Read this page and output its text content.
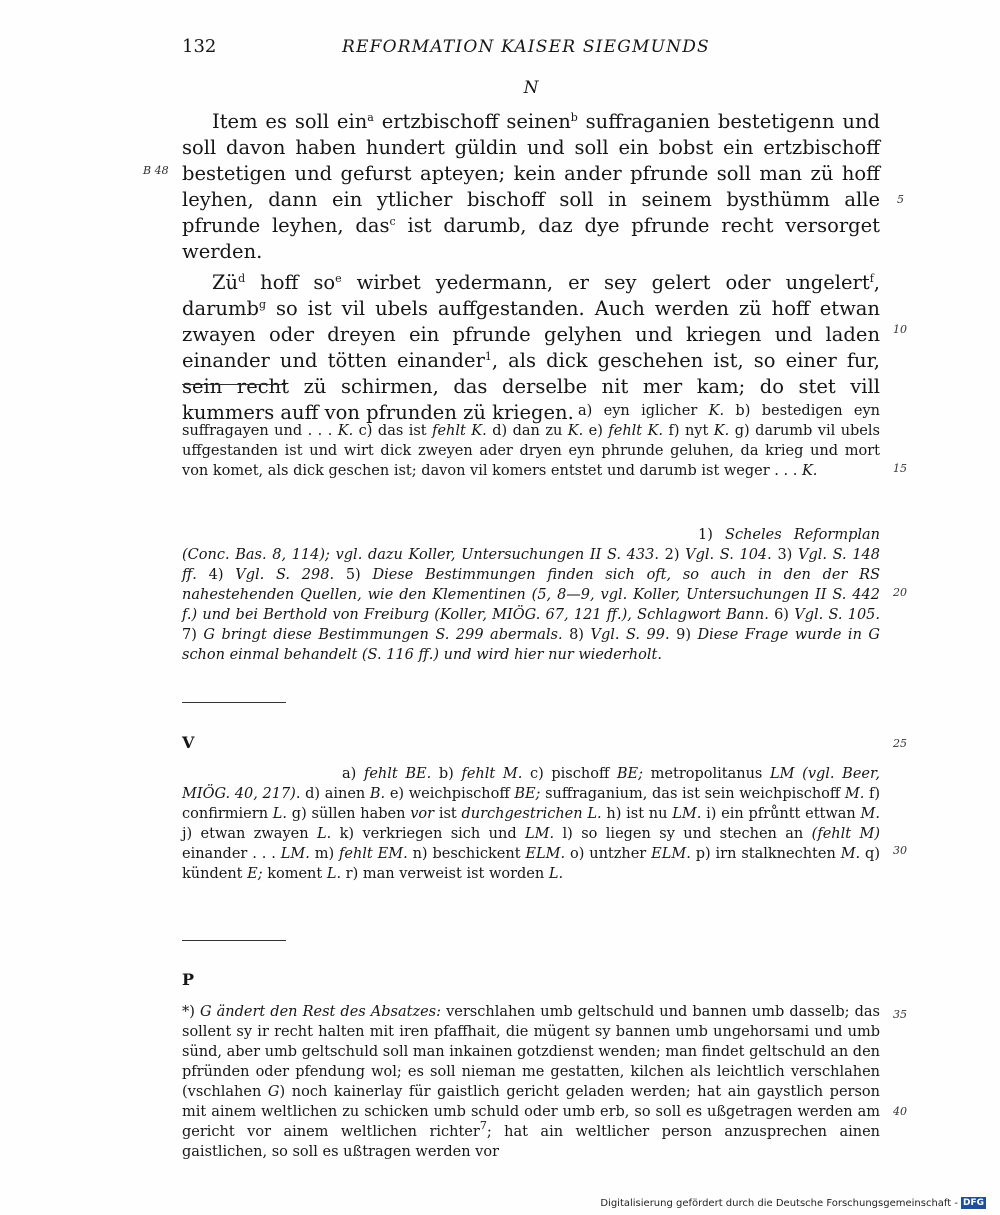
132	REFORMATION KAISER SIEGMUNDS
N
B 48

Item es soll ein$^a$ ertzbischoff seinen$^b$ suffraganien bestetigenn und soll davon haben hundert güldin und soll ein bobst ein ertzbischoff bestetigen und gefurst apteyen; kein ander pfrunde soll man zü hoff leyhen, dann ein ytlicher bischoff soll in seinem bysthümm alle pfrunde leyhen, das$^c$ ist darumb, daz dye pfrunde recht versorget werden.

$Zü^d$ hoff $so^e$ wirbet yedermann, er sey gelert oder ungelert$^f$, darumb$^g$ so ist vil ubels auffgestanden. Auch werden zü hoff etwan zwayen oder dreyen ein pfrunde gelyhen und kriegen und laden einander und tötten einander$^1$, als dick geschehen ist, so einer fur, sein recht zü schirmen, das derselbe nit mer kam; do stet vill kummers auff von pfrunden zü kriegen.

5
10
15
20
25
30
35
40

a) eyn iglicher K. b) bestedigen eyn suffragayen und . . . K. c) das ist fehlt K. d) dan zu K. e) fehlt K. f) nyt K. g) darumb vil ubels uffgestanden ist und wirt dick zweyen ader dryen eyn phrunde geluhen, da krieg und mort von komet, als dick geschen ist; davon vil komers entstet und darumb ist weger . . . K.

1) Scheles Reformplan (Conc. Bas. 8, 114); vgl. dazu Koller, Untersuchungen II S. 433. 2) Vgl. S. 104. 3) Vgl. S. 148 ff. 4) Vgl. S. 298. 5) Diese Bestimmungen finden sich oft, so auch in den der RS nahestehenden Quellen, wie den Klementinen (5, 8—9, vgl. Koller, Untersuchungen II S. 442 f.) und bei Berthold von Freiburg (Koller, MIÖG. 67, 121 ff.), Schlagwort Bann. 6) Vgl. S. 105. 7) G bringt diese Bestimmungen S. 299 abermals. 8) Vgl. S. 99. 9) Diese Frage wurde in G schon einmal behandelt (S. 116 ff.) und wird hier nur wiederholt.

V

a) fehlt BE. b) fehlt M. c) pischoff BE; metropolitanus LM (vgl. Beer, MIÖG. 40, 217). d) ainen B. e) weichpischoff BE; suffraganium, das ist sein weichpischoff M. f) confirmiern L. g) süllen haben vor ist durchgestrichen L. h) ist nu LM. i) ein pfrůntt ettwan M. j) etwan zwayen L. k) verkriegen sich und LM. l) so liegen sy und stechen an (fehlt M) einander . . . LM. m) fehlt EM. n) beschickent ELM. o) untzher ELM. p) irn stalknechten M. q) kündent E; koment L. r) man verweist ist worden L.

P

*) G ändert den Rest des Absatzes: verschlahen umb geltschuld und bannen umb dasselb; das sollent sy ir recht halten mit iren pfaffhait, die mügent sy bannen umb ungehorsami und umb sünd, aber umb geltschuld soll man inkainen gotzdienst wenden; man findet geltschuld an den pfründen oder pfendung wol; es soll nieman me gestatten, kilchen als leichtlich verschlahen (vschlahen G) noch kainerlay für gaistlich gericht geladen werden; hat ain gaystlich person mit ainem weltlichen zu schicken umb schuld oder umb erb, so soll es ußgetragen werden am gericht vor ainem weltlichen richter$^7$; hat ain weltlicher person anzusprechen ainen gaistlichen, so soll es ußtragen werden vor

Digitalisierung gefördert durch die Deutsche Forschungsgemeinschaft - DFG
